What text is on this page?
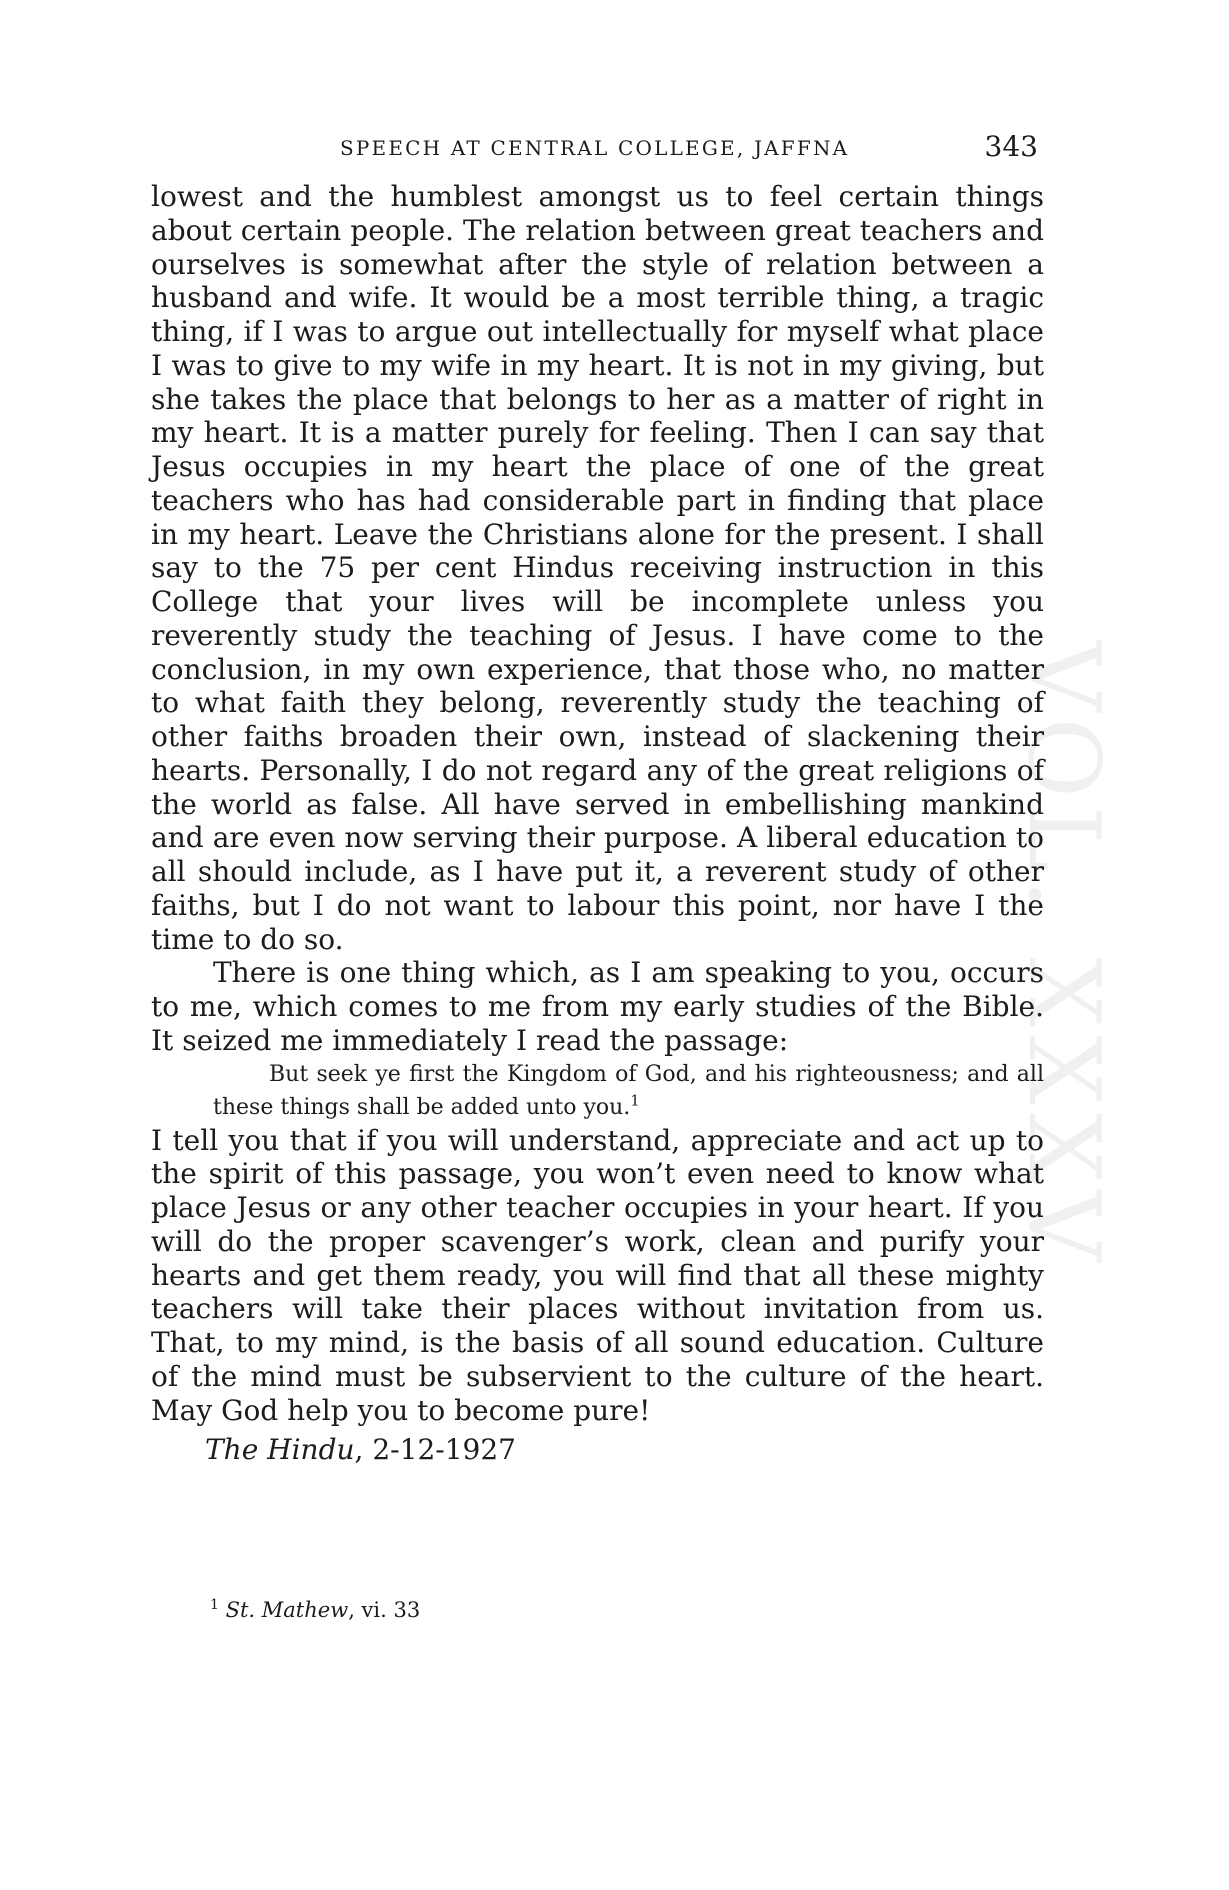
SPEECH AT CENTRAL COLLEGE, JAFFNA	343
VOL. XXXV

lowest and the humblest amongst us to feel certain things about certain people. The relation between great teachers and ourselves is somewhat after the style of relation between a husband and wife. It would be a most terrible thing, a tragic thing, if I was to argue out intellectually for myself what place I was to give to my wife in my heart. It is not in my giving, but she takes the place that belongs to her as a matter of right in my heart. It is a matter purely for feeling. Then I can say that Jesus occupies in my heart the place of one of the great teachers who has had considerable part in finding that place in my heart. Leave the Christians alone for the present. I shall say to the 75 per cent Hindus receiving instruction in this College that your lives will be incomplete unless you reverently study the teaching of Jesus. I have come to the conclusion, in my own experience, that those who, no matter to what faith they belong, reverently study the teaching of other faiths broaden their own, instead of slackening their hearts. Personally, I do not regard any of the great religions of the world as false. All have served in embellishing mankind and are even now serving their purpose. A liberal education to all should include, as I have put it, a reverent study of other faiths, but I do not want to labour this point, nor have I the time to do so.

There is one thing which, as I am speaking to you, occurs to me, which comes to me from my early studies of the Bible. It seized me immediately I read the passage:

But seek ye first the Kingdom of God, and his righteousness; and all these things shall be added unto you.$^1$

I tell you that if you will understand, appreciate and act up to the spirit of this passage, you won’t even need to know what place Jesus or any other teacher occupies in your heart. If you will do the proper scavenger’s work, clean and purify your hearts and get them ready, you will find that all these mighty teachers will take their places without invitation from us. That, to my mind, is the basis of all sound education. Culture of the mind must be subservient to the culture of the heart. May God help you to become pure!

The Hindu, 2-12-1927

$^1$ St. Mathew, vi. 33
